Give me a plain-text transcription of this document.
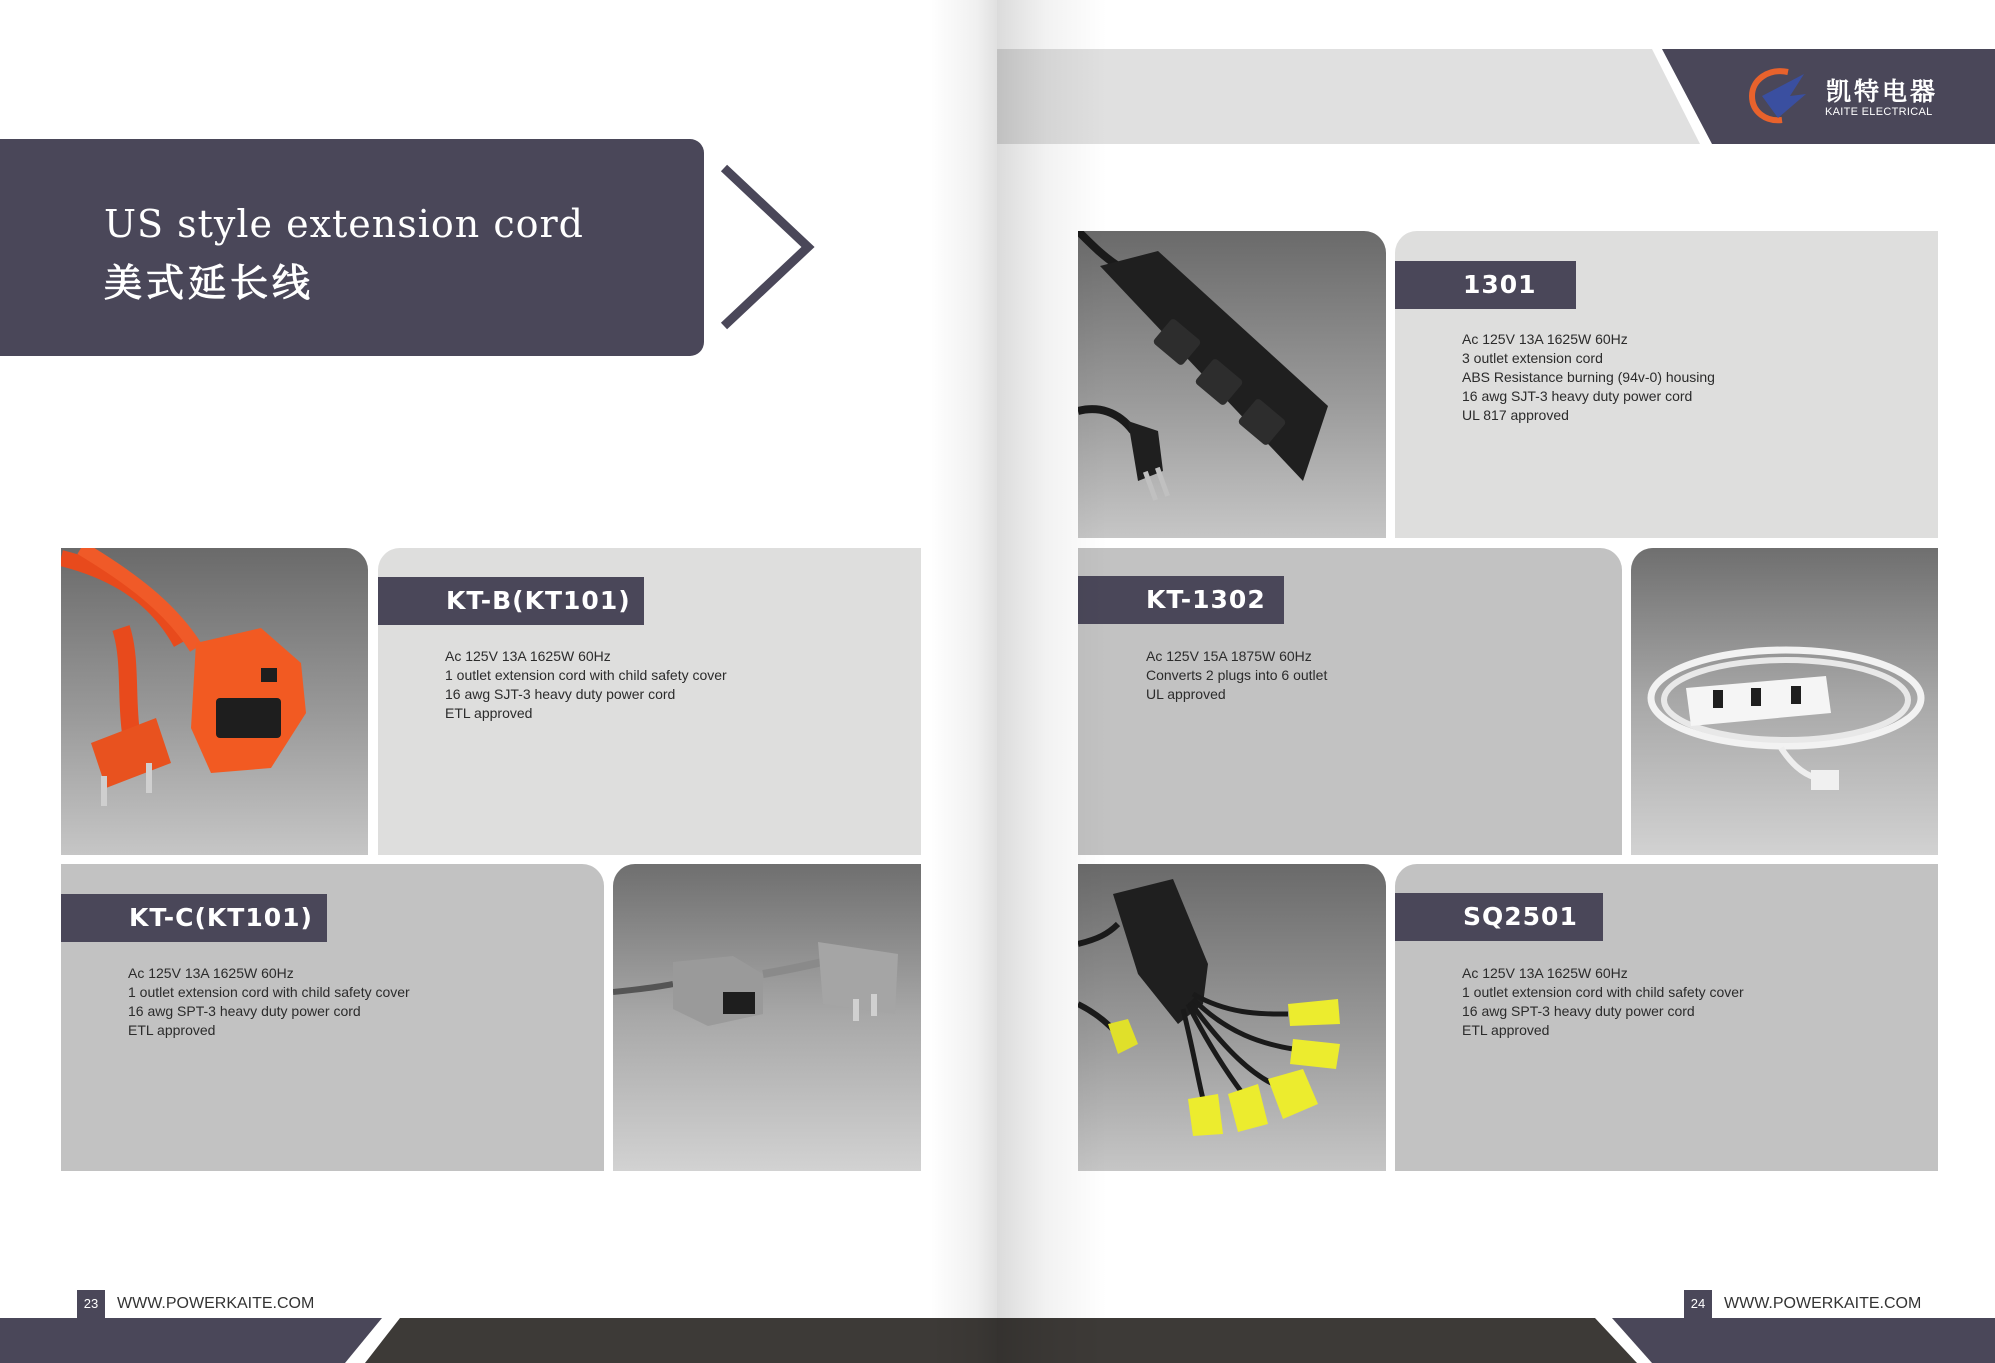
US style extension cord
美式延长线
KT-B(KT101)
Ac 125V 13A 1625W 60Hz
1 outlet extension cord with child safety cover
16 awg SJT-3 heavy duty power cord
ETL approved
KT-C(KT101)
Ac 125V 13A 1625W 60Hz
1 outlet extension cord with child safety cover
16 awg SPT-3 heavy duty power cord
ETL approved
23	WWW.POWERKAITE.COM
凯特电器
KAITE ELECTRICAL
1301
Ac 125V 13A 1625W 60Hz
3 outlet extension cord
ABS Resistance burning (94v-0) housing
16 awg SJT-3 heavy duty power cord
UL 817 approved
KT-1302
Ac 125V 15A 1875W 60Hz
Converts 2 plugs into 6 outlet
UL approved
SQ2501
Ac 125V 13A 1625W 60Hz
1 outlet extension cord with child safety cover
16 awg SPT-3 heavy duty power cord
ETL approved
24	WWW.POWERKAITE.COM
